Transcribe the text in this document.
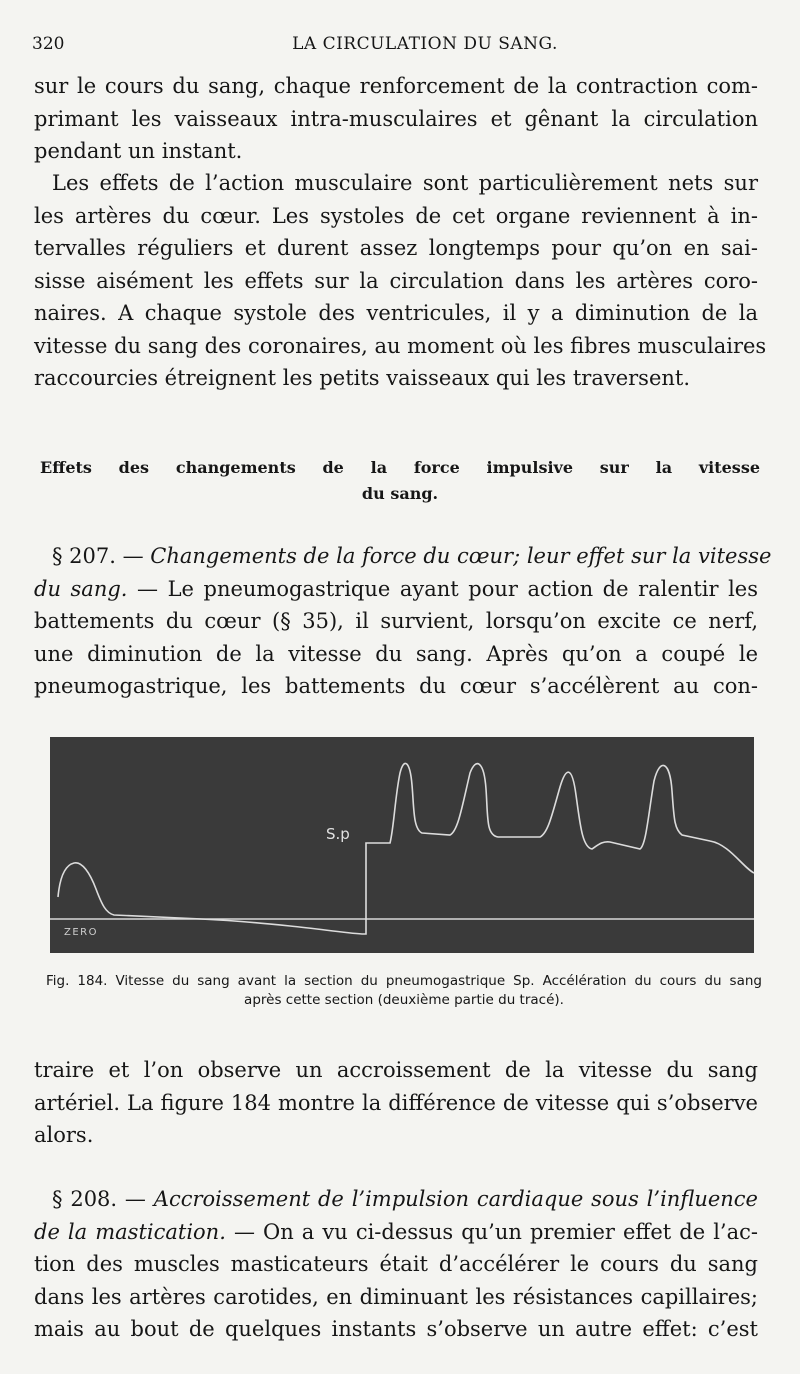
320	LA CIRCULATION DU SANG.
sur le cours du sang, chaque renforcement de la contraction com-
primant les vaisseaux intra-musculaires et gênant la circulation
pendant un instant.
Les effets de l’action musculaire sont particulièrement nets sur
les artères du cœur. Les systoles de cet organe reviennent à in-
tervalles réguliers et durent assez longtemps pour qu’on en sai-
sisse aisément les effets sur la circulation dans les artères coro-
naires. A chaque systole des ventricules, il y a diminution de la
vitesse du sang des coronaires, au moment où les fibres musculaires
raccourcies étreignent les petits vaisseaux qui les traversent.
Effets des changements de la force impulsive sur la vitesse
du sang.
§ 207. — Changements de la force du cœur; leur effet sur la vitesse
du sang. — Le pneumogastrique ayant pour action de ralentir les
battements du cœur (§ 35), il survient, lorsqu’on excite ce nerf,
une diminution de la vitesse du sang. Après qu’on a coupé le
pneumogastrique, les battements du cœur s’accélèrent au con-
S.p
ZERO
Fig. 184. Vitesse du sang avant la section du pneumogastrique Sp. Accélération du cours du sang
après cette section (deuxième partie du tracé).
traire et l’on observe un accroissement de la vitesse du sang
artériel. La figure 184 montre la différence de vitesse qui s’observe
alors.
§ 208. — Accroissement de l’impulsion cardiaque sous l’influence
de la mastication. — On a vu ci-dessus qu’un premier effet de l’ac-
tion des muscles masticateurs était d’accélérer le cours du sang
dans les artères carotides, en diminuant les résistances capillaires;
mais au bout de quelques instants s’observe un autre effet: c’est
